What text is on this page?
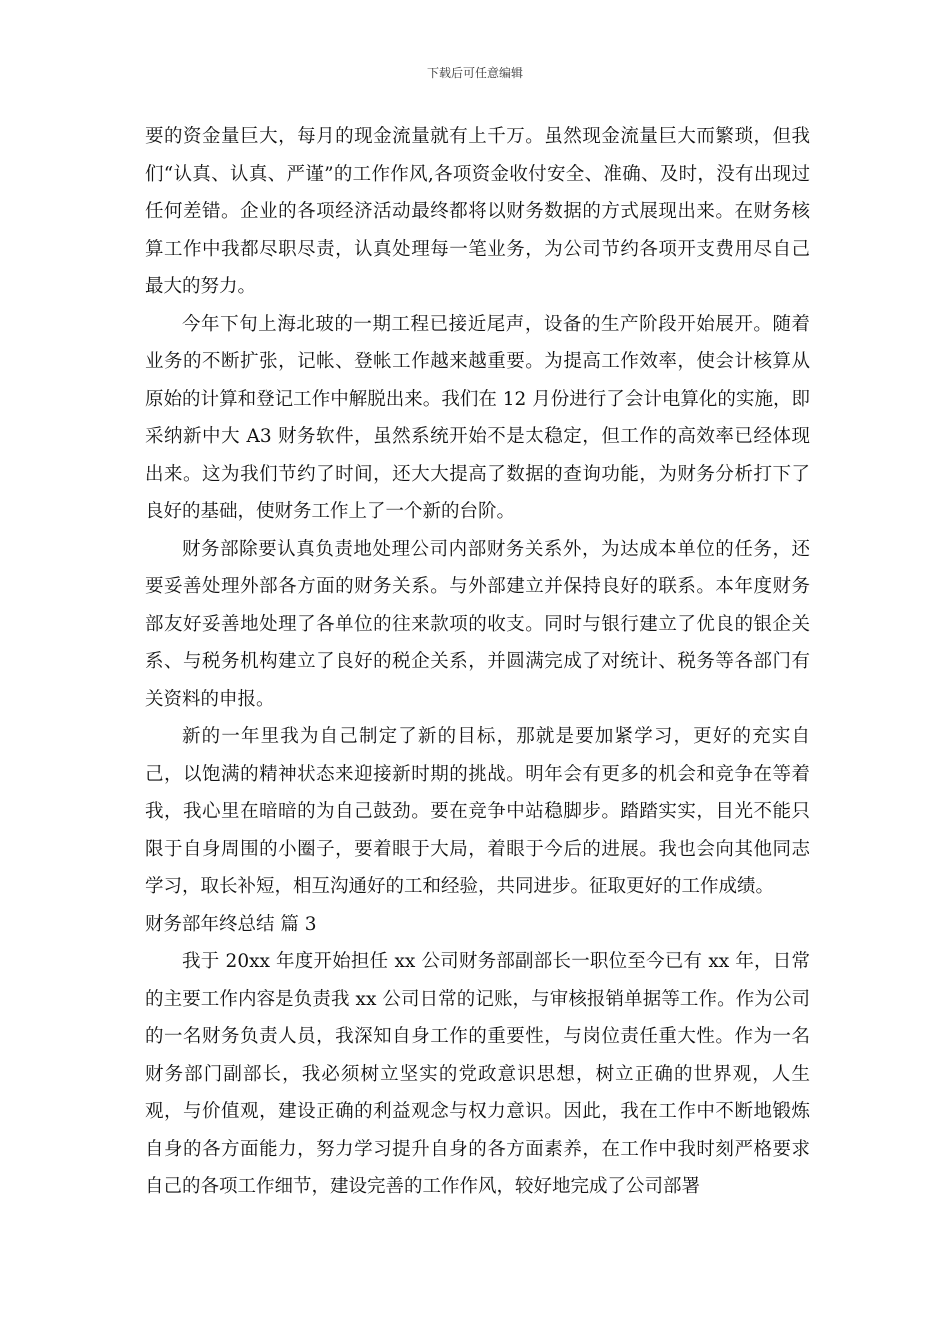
下载后可任意编辑

要的资金量巨大，每月的现金流量就有上千万。虽然现金流量巨大而繁琐，但我们“认真、认真、严谨”的工作作风,各项资金收付安全、准确、及时，没有出现过任何差错。企业的各项经济活动最终都将以财务数据的方式展现出来。在财务核算工作中我都尽职尽责，认真处理每一笔业务，为公司节约各项开支费用尽自己最大的努力。

今年下旬上海北玻的一期工程已接近尾声，设备的生产阶段开始展开。随着业务的不断扩张，记帐、登帐工作越来越重要。为提高工作效率，使会计核算从原始的计算和登记工作中解脱出来。我们在 12 月份进行了会计电算化的实施，即采纳新中大 A3 财务软件，虽然系统开始不是太稳定，但工作的高效率已经体现出来。这为我们节约了时间，还大大提高了数据的查询功能，为财务分析打下了良好的基础，使财务工作上了一个新的台阶。

财务部除要认真负责地处理公司内部财务关系外，为达成本单位的任务，还要妥善处理外部各方面的财务关系。与外部建立并保持良好的联系。本年度财务部友好妥善地处理了各单位的往来款项的收支。同时与银行建立了优良的银企关系、与税务机构建立了良好的税企关系，并圆满完成了对统计、税务等各部门有关资料的申报。

新的一年里我为自己制定了新的目标，那就是要加紧学习，更好的充实自己，以饱满的精神状态来迎接新时期的挑战。明年会有更多的机会和竞争在等着我，我心里在暗暗的为自己鼓劲。要在竞争中站稳脚步。踏踏实实，目光不能只限于自身周围的小圈子，要着眼于大局，着眼于今后的进展。我也会向其他同志学习，取长补短，相互沟通好的工和经验，共同进步。征取更好的工作成绩。

财务部年终总结 篇 3

我于 20xx 年度开始担任 xx 公司财务部副部长一职位至今已有 xx 年，日常的主要工作内容是负责我 xx 公司日常的记账，与审核报销单据等工作。作为公司的一名财务负责人员，我深知自身工作的重要性，与岗位责任重大性。作为一名财务部门副部长，我必须树立坚实的党政意识思想，树立正确的世界观，人生观，与价值观，建设正确的利益观念与权力意识。因此，我在工作中不断地锻炼自身的各方面能力，努力学习提升自身的各方面素养，在工作中我时刻严格要求自己的各项工作细节，建设完善的工作作风，较好地完成了公司部署
